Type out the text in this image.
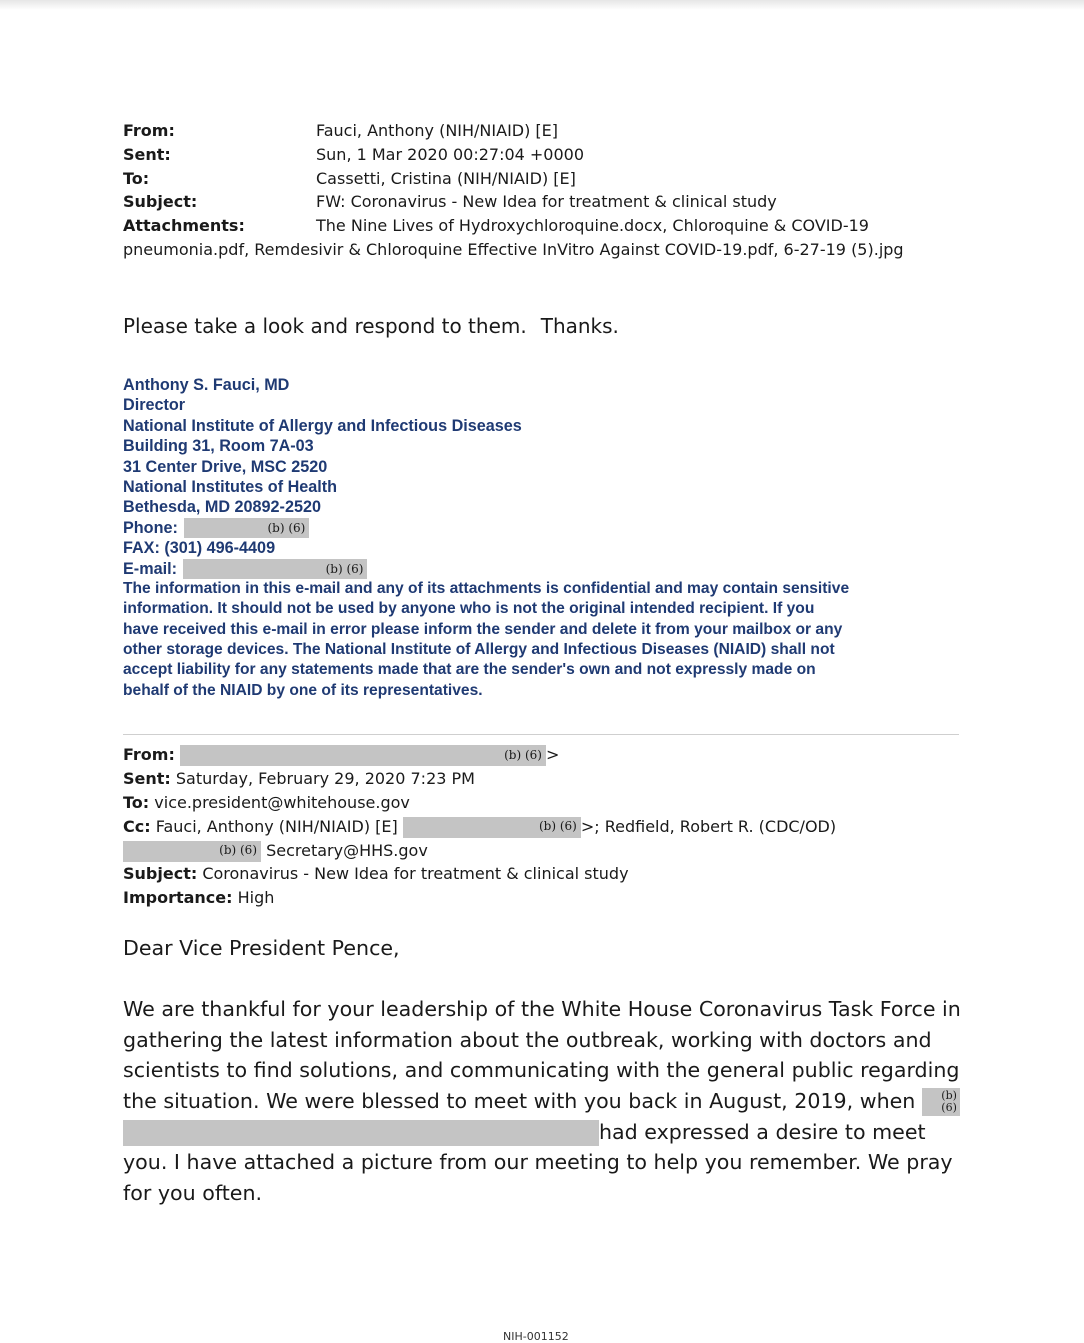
From:	Fauci, Anthony (NIH/NIAID) [E]
Sent:	Sun, 1 Mar 2020 00:27:04 +0000
To:	Cassetti, Cristina (NIH/NIAID) [E]
Subject:	FW: Coronavirus - New Idea for treatment & clinical study
Attachments:	The Nine Lives of Hydroxychloroquine.docx, Chloroquine & COVID-19
pneumonia.pdf, Remdesivir & Chloroquine Effective InVitro Against COVID-19.pdf, 6-27-19 (5).jpg
Please take a look and respond to them. Thanks.
Anthony S. Fauci, MD
Director
National Institute of Allergy and Infectious Diseases
Building 31, Room 7A-03
31 Center Drive, MSC 2520
National Institutes of Health
Bethesda, MD 20892-2520
Phone:	(b) (6)
FAX: (301) 496-4409
E-mail:	(b) (6)
The information in this e-mail and any of its attachments is confidential and may contain sensitive
information. It should not be used by anyone who is not the original intended recipient. If you
have received this e-mail in error please inform the sender and delete it from your mailbox or any
other storage devices. The National Institute of Allergy and Infectious Diseases (NIAID) shall not
accept liability for any statements made that are the sender's own and not expressly made on
behalf of the NIAID by one of its representatives.
From:	(b) (6) >
Sent: Saturday, February 29, 2020 7:23 PM
To: vice.president@whitehouse.gov
Cc: Fauci, Anthony (NIH/NIAID) [E]	(b) (6) >; Redfield, Robert R. (CDC/OD)
(b) (6) Secretary@HHS.gov
Subject: Coronavirus - New Idea for treatment & clinical study
Importance: High
Dear Vice President Pence,
We are thankful for your leadership of the White House Coronavirus Task Force in
gathering the latest information about the outbreak, working with doctors and
scientists to find solutions, and communicating with the general public regarding
the situation. We were blessed to meet with you back in August, 2019, when (b)
(6)
had expressed a desire to meet
you. I have attached a picture from our meeting to help you remember. We pray
for you often.
NIH-001152
